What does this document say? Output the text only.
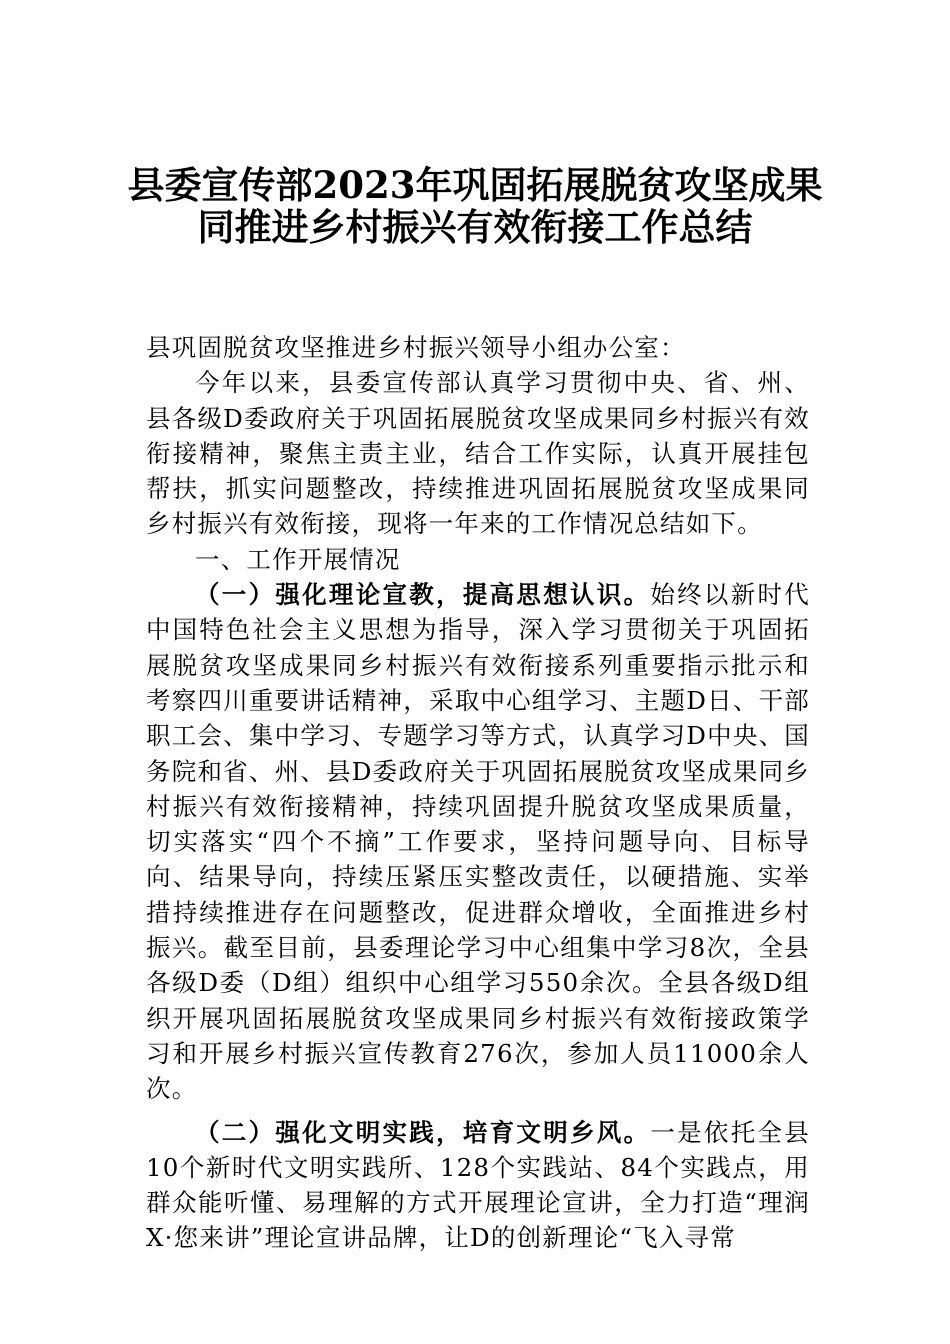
县委宣传部2023年巩固拓展脱贫攻坚成果
同推进乡村振兴有效衔接工作总结

县巩固脱贫攻坚推进乡村振兴领导小组办公室：

今年以来，县委宣传部认真学习贯彻中央、省、州、县各级D委政府关于巩固拓展脱贫攻坚成果同乡村振兴有效衔接精神，聚焦主责主业，结合工作实际，认真开展挂包帮扶，抓实问题整改，持续推进巩固拓展脱贫攻坚成果同乡村振兴有效衔接，现将一年来的工作情况总结如下。

一、工作开展情况

（一）强化理论宣教，提高思想认识。始终以新时代中国特色社会主义思想为指导，深入学习贯彻关于巩固拓展脱贫攻坚成果同乡村振兴有效衔接系列重要指示批示和考察四川重要讲话精神，采取中心组学习、主题D日、干部职工会、集中学习、专题学习等方式，认真学习D中央、国务院和省、州、县D委政府关于巩固拓展脱贫攻坚成果同乡村振兴有效衔接精神，持续巩固提升脱贫攻坚成果质量，切实落实“四个不摘”工作要求，坚持问题导向、目标导向、结果导向，持续压紧压实整改责任，以硬措施、实举措持续推进存在问题整改，促进群众增收，全面推进乡村振兴。截至目前，县委理论学习中心组集中学习8次，全县各级D委（D组）组织中心组学习550余次。全县各级D组织开展巩固拓展脱贫攻坚成果同乡村振兴有效衔接政策学习和开展乡村振兴宣传教育276次，参加人员11000余人次。

（二）强化文明实践，培育文明乡风。一是依托全县10个新时代文明实践所、128个实践站、84个实践点，用群众能听懂、易理解的方式开展理论宣讲，全力打造“理润X·您来讲”理论宣讲品牌，让D的创新理论“飞入寻常
